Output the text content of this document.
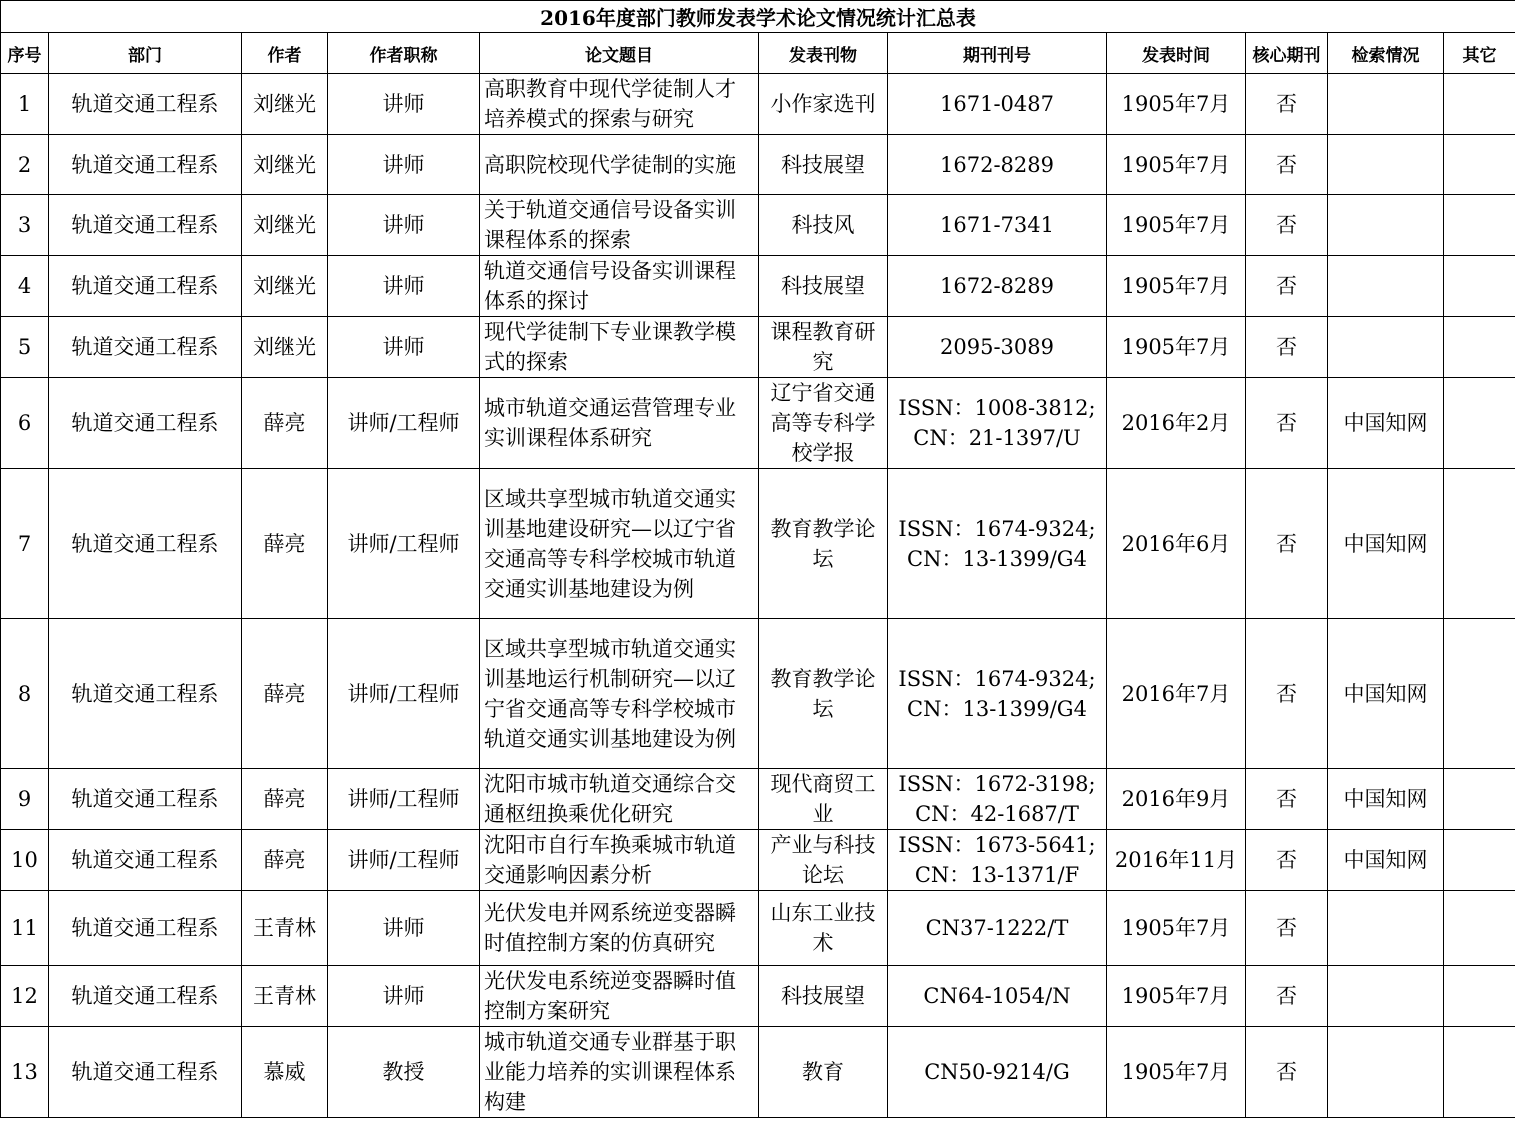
2016年度部门教师发表学术论文情况统计汇总表										
序号	部门	作者	作者职称	论文题目	发表刊物	期刊刊号	发表时间	核心期刊	检索情况	其它
1	轨道交通工程系	刘继光	讲师	高职教育中现代学徒制人才培养模式的探索与研究	小作家选刊	1671-0487	1905年7月	否		
2	轨道交通工程系	刘继光	讲师	高职院校现代学徒制的实施	科技展望	1672-8289	1905年7月	否		
3	轨道交通工程系	刘继光	讲师	关于轨道交通信号设备实训课程体系的探索	科技风	1671-7341	1905年7月	否		
4	轨道交通工程系	刘继光	讲师	轨道交通信号设备实训课程体系的探讨	科技展望	1672-8289	1905年7月	否		
5	轨道交通工程系	刘继光	讲师	现代学徒制下专业课教学模式的探索	课程教育研究	2095-3089	1905年7月	否		
6	轨道交通工程系	薛亮	讲师/工程师	城市轨道交通运营管理专业实训课程体系研究	辽宁省交通高等专科学校学报	ISSN：1008-3812;
CN：21-1397/U	2016年2月	否	中国知网	
7	轨道交通工程系	薛亮	讲师/工程师	区域共享型城市轨道交通实训基地建设研究—以辽宁省交通高等专科学校城市轨道交通实训基地建设为例	教育教学论坛	ISSN：1674-9324;
CN：13-1399/G4	2016年6月	否	中国知网	
8	轨道交通工程系	薛亮	讲师/工程师	区域共享型城市轨道交通实训基地运行机制研究—以辽宁省交通高等专科学校城市轨道交通实训基地建设为例	教育教学论坛	ISSN：1674-9324;
CN：13-1399/G4	2016年7月	否	中国知网	
9	轨道交通工程系	薛亮	讲师/工程师	沈阳市城市轨道交通综合交通枢纽换乘优化研究	现代商贸工业	ISSN：1672-3198;
CN：42-1687/T	2016年9月	否	中国知网	
10	轨道交通工程系	薛亮	讲师/工程师	沈阳市自行车换乘城市轨道交通影响因素分析	产业与科技论坛	ISSN：1673-5641;
CN：13-1371/F	2016年11月	否	中国知网	
11	轨道交通工程系	王青林	讲师	光伏发电并网系统逆变器瞬时值控制方案的仿真研究	山东工业技术	CN37-1222/T	1905年7月	否		
12	轨道交通工程系	王青林	讲师	光伏发电系统逆变器瞬时值控制方案研究	科技展望	CN64-1054/N	1905年7月	否		
13	轨道交通工程系	慕威	教授	城市轨道交通专业群基于职业能力培养的实训课程体系构建	教育	CN50-9214/G	1905年7月	否		
